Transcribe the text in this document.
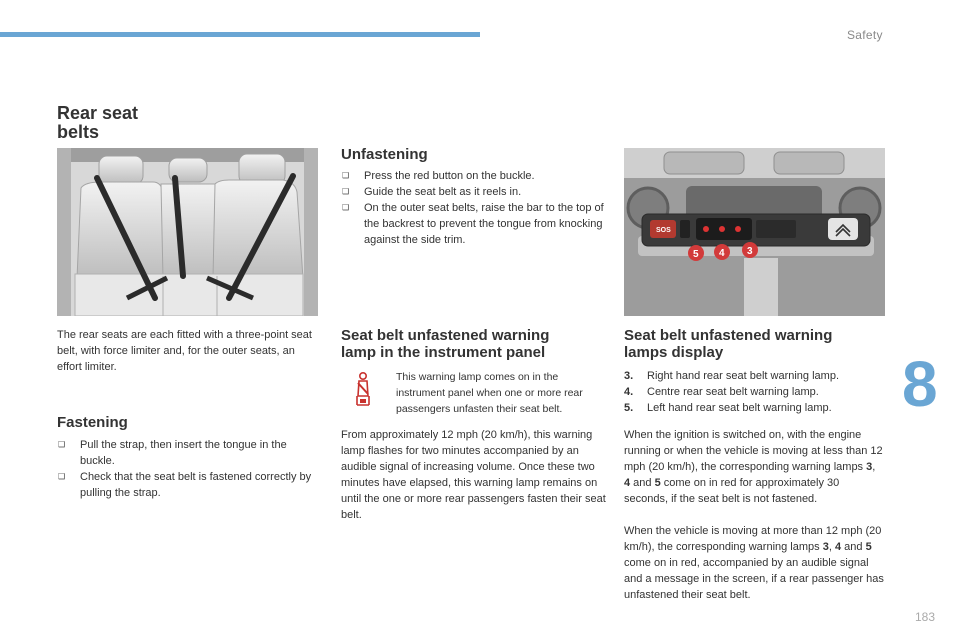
Safety
8
183
Rear seat
belts

The rear seats are each fitted with a three-point seat belt, with force limiter and, for the outer seats, an effort limiter.

Fastening
❑ Pull the strap, then insert the tongue in the buckle.
❑ Check that the seat belt is fastened correctly by pulling the strap.
Unfastening
❑ Press the red button on the buckle.
❑ Guide the seat belt as it reels in.
❑ On the outer seat belts, raise the bar to the top of the backrest to prevent the tongue from knocking against the side trim.
Seat belt unfastened warning
lamp in the instrument panel

This warning lamp comes on in the instrument panel when one or more rear passengers unfasten their seat belt.

From approximately 12 mph (20 km/h), this warning lamp flashes for two minutes accompanied by an audible signal of increasing volume. Once these two minutes have elapsed, this warning lamp remains on until the one or more rear passengers fasten their seat belt.

SOS
5 4 3
Seat belt unfastened warning
lamps display
3. Right hand rear seat belt warning lamp.
4. Centre rear seat belt warning lamp.
5. Left hand rear seat belt warning lamp.

When the ignition is switched on, with the engine running or when the vehicle is moving at less than 12 mph (20 km/h), the corresponding warning lamps 3, 4 and 5 come on in red for approximately 30 seconds, if the seat belt is not fastened.

When the vehicle is moving at more than 12 mph (20 km/h), the corresponding warning lamps 3, 4 and 5 come on in red, accompanied by an audible signal and a message in the screen, if a rear passenger has unfastened their seat belt.
